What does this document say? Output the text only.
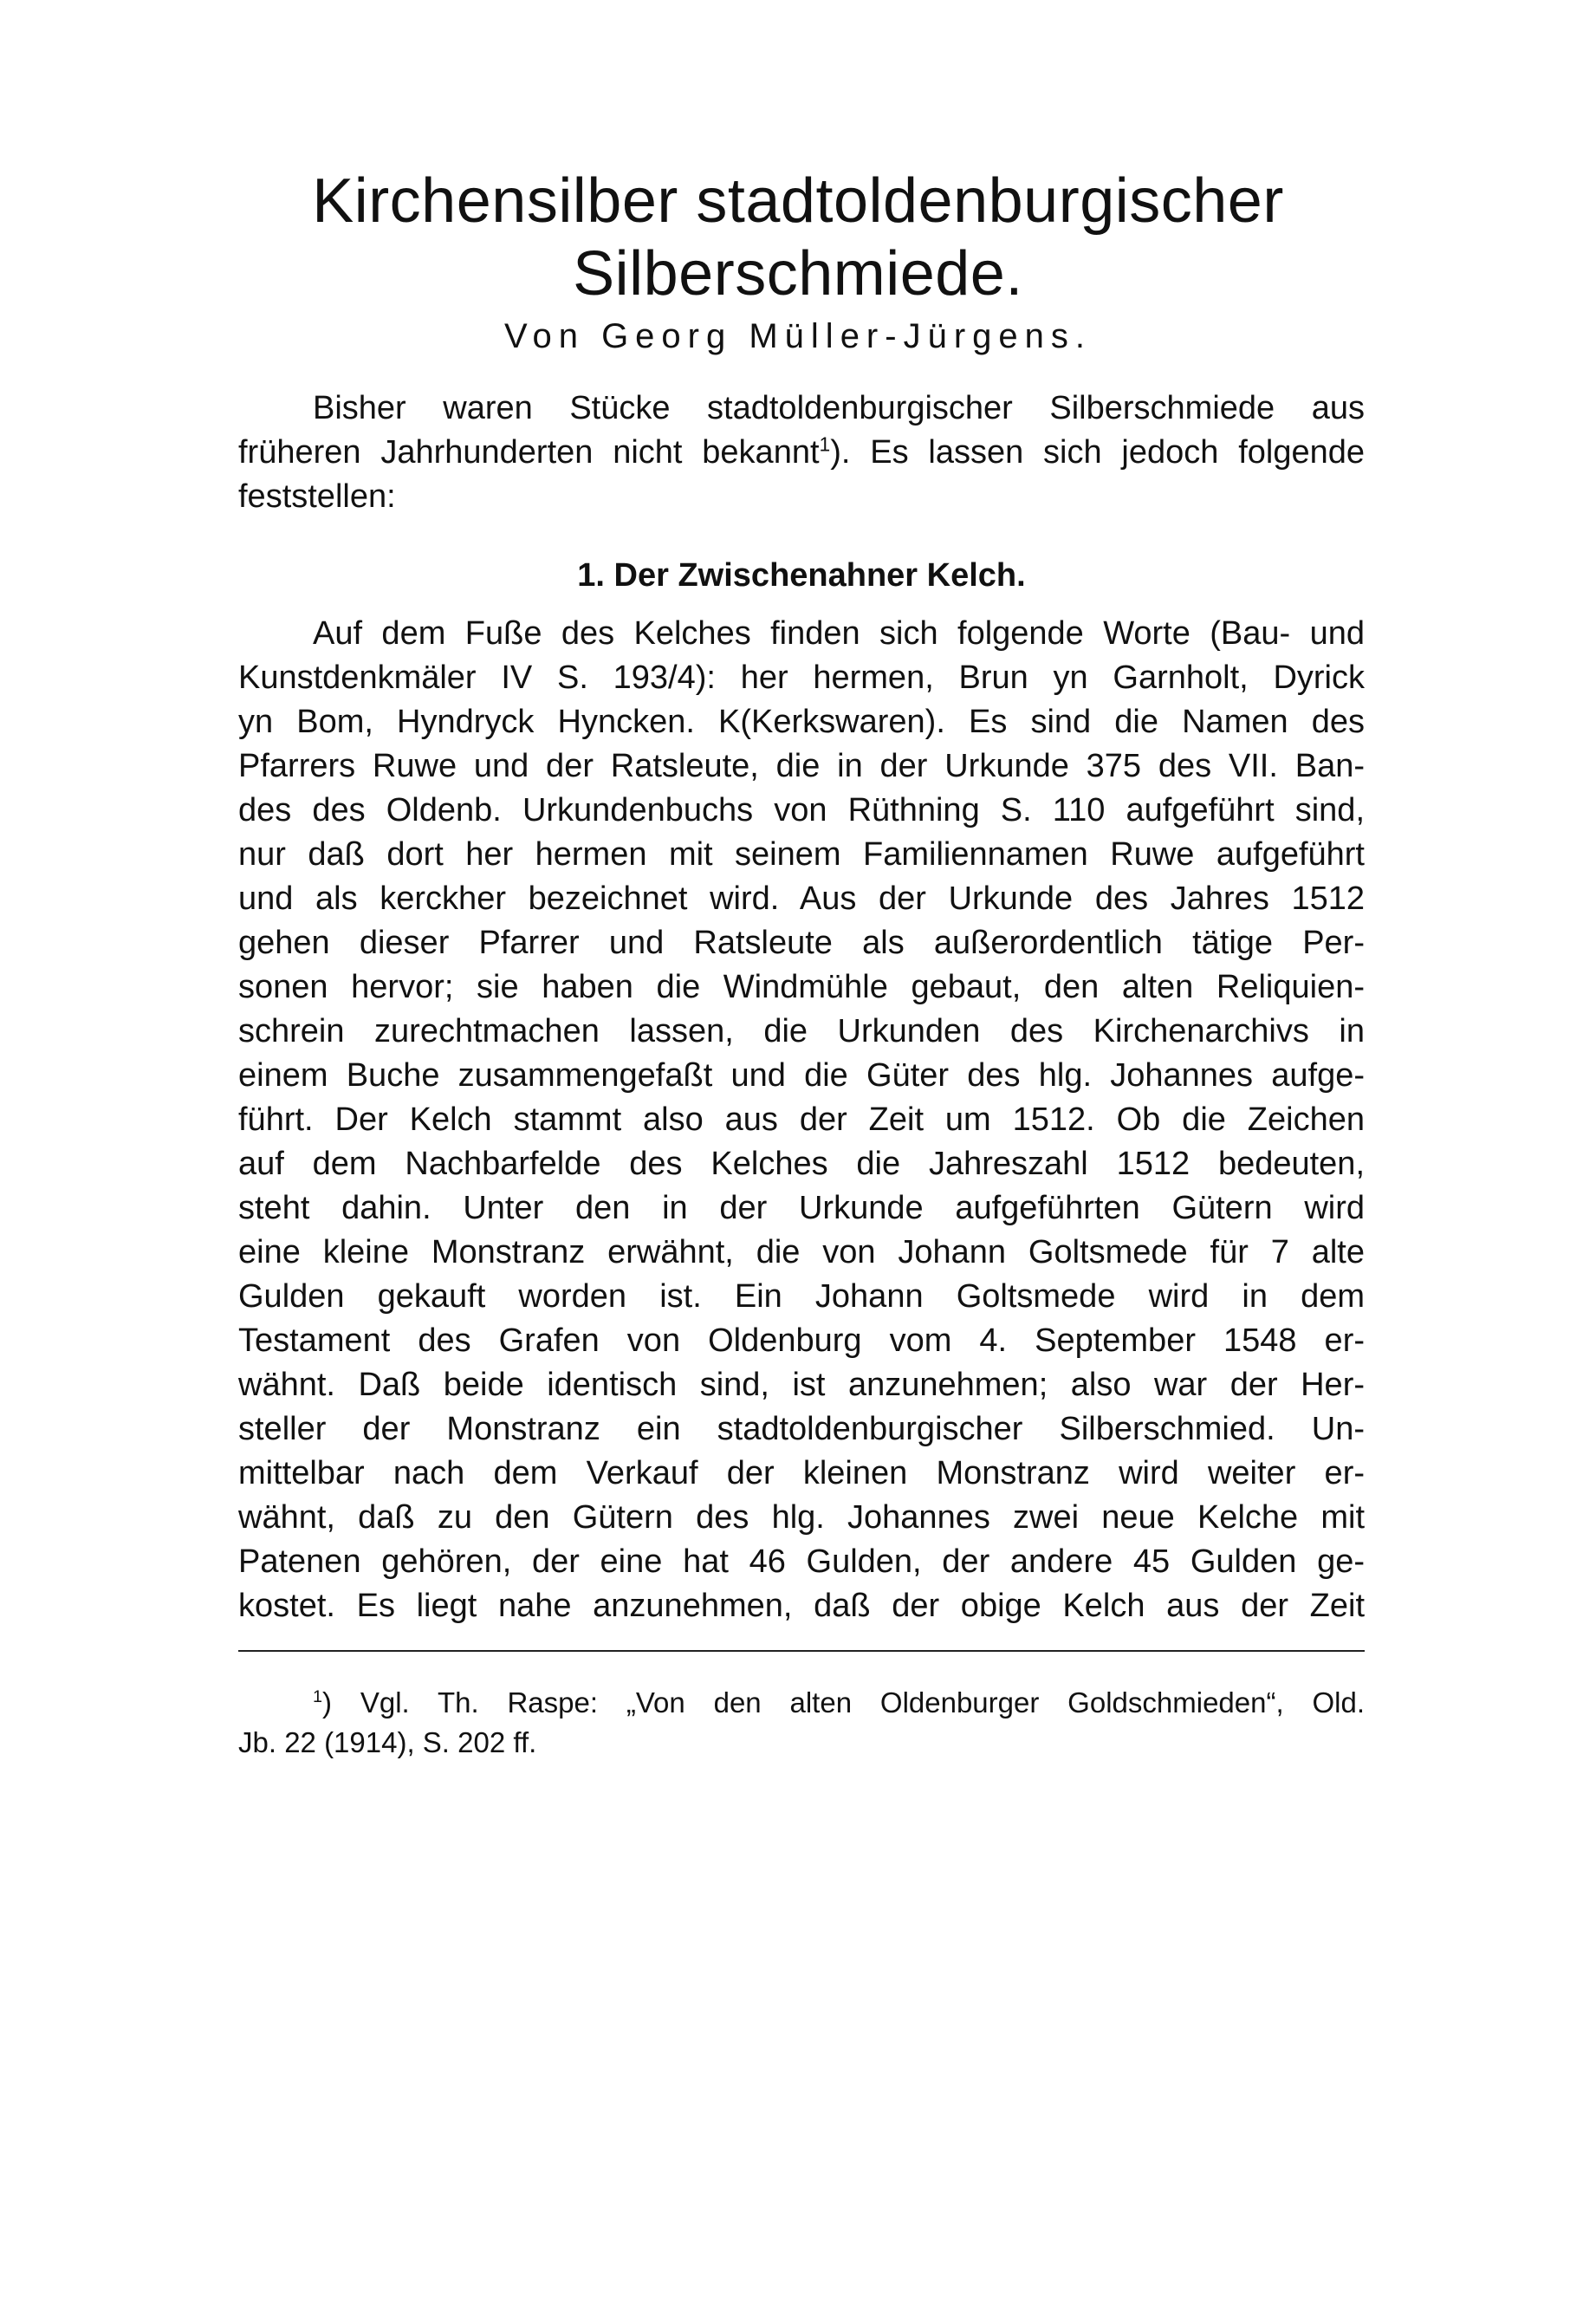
Kirchensilber stadtoldenburgischer
Silberschmiede.

Von Georg Müller-Jürgens.

Bisher waren Stücke stadtoldenburgischer Silberschmiede aus
früheren Jahrhunderten nicht bekannt$^1$). Es lassen sich jedoch folgende
feststellen:
1. Der Zwischenahner Kelch.
Auf dem Fuße des Kelches finden sich folgende Worte (Bau- und
Kunstdenkmäler IV S. 193/4): her hermen, Brun yn Garnholt, Dyrick
yn Bom, Hyndryck Hyncken. K(Kerkswaren). Es sind die Namen des
Pfarrers Ruwe und der Ratsleute, die in der Urkunde 375 des VII. Ban-
des des Oldenb. Urkundenbuchs von Rüthning S. 110 aufgeführt sind,
nur daß dort her hermen mit seinem Familiennamen Ruwe aufgeführt
und als kerckher bezeichnet wird. Aus der Urkunde des Jahres 1512
gehen dieser Pfarrer und Ratsleute als außerordentlich tätige Per-
sonen hervor; sie haben die Windmühle gebaut, den alten Reliquien-
schrein zurechtmachen lassen, die Urkunden des Kirchenarchivs in
einem Buche zusammengefaßt und die Güter des hlg. Johannes aufge-
führt. Der Kelch stammt also aus der Zeit um 1512. Ob die Zeichen
auf dem Nachbarfelde des Kelches die Jahreszahl 1512 bedeuten,
steht dahin. Unter den in der Urkunde aufgeführten Gütern wird
eine kleine Monstranz erwähnt, die von Johann Goltsmede für 7 alte
Gulden gekauft worden ist. Ein Johann Goltsmede wird in dem
Testament des Grafen von Oldenburg vom 4. September 1548 er-
wähnt. Daß beide identisch sind, ist anzunehmen; also war der Her-
steller der Monstranz ein stadtoldenburgischer Silberschmied. Un-
mittelbar nach dem Verkauf der kleinen Monstranz wird weiter er-
wähnt, daß zu den Gütern des hlg. Johannes zwei neue Kelche mit
Patenen gehören, der eine hat 46 Gulden, der andere 45 Gulden ge-
kostet. Es liegt nahe anzunehmen, daß der obige Kelch aus der Zeit
$^1$) Vgl. Th. Raspe: „Von den alten Oldenburger Goldschmieden“, Old.
Jb. 22 (1914), S. 202 ff.
